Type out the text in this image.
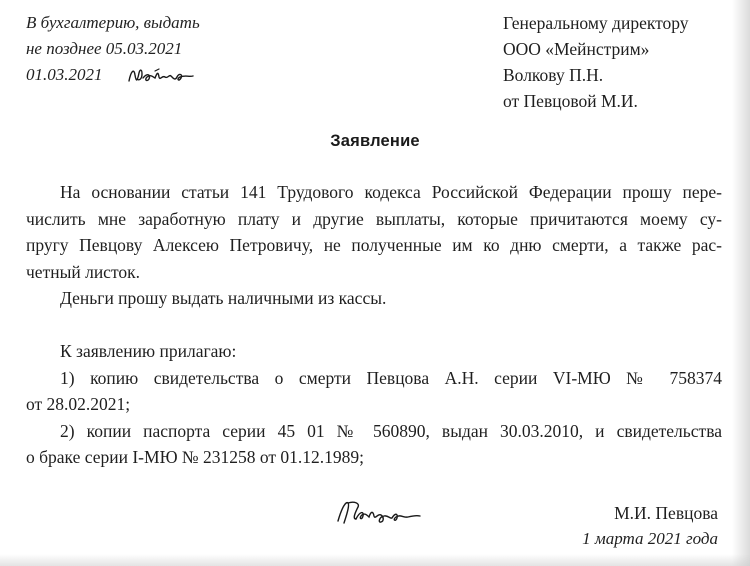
В бухгалтерию, выдать
не позднее 05.03.2021
01.03.2021
Генеральному директору
ООО «Мейнстрим»
Волкову П.Н.
от Певцовой М.И.
Заявление

На основании статьи 141 Трудового кодекса Российской Федерации прошу пере-

числить мне заработную плату и другие выплаты, которые причитаются моему су-

пругу Певцову Алексею Петровичу, не полученные им ко дню смерти, а также рас-

четный листок.

Деньги прошу выдать наличными из кассы.

К заявлению прилагаю:

1) копию свидетельства о смерти Певцова А.Н. серии VI-МЮ № 758374

от 28.02.2021;

2) копии паспорта серии 45 01 № 560890, выдан 30.03.2010, и свидетельства

о браке серии I-МЮ № 231258 от 01.12.1989;

М.И. Певцова
1 марта 2021 года
